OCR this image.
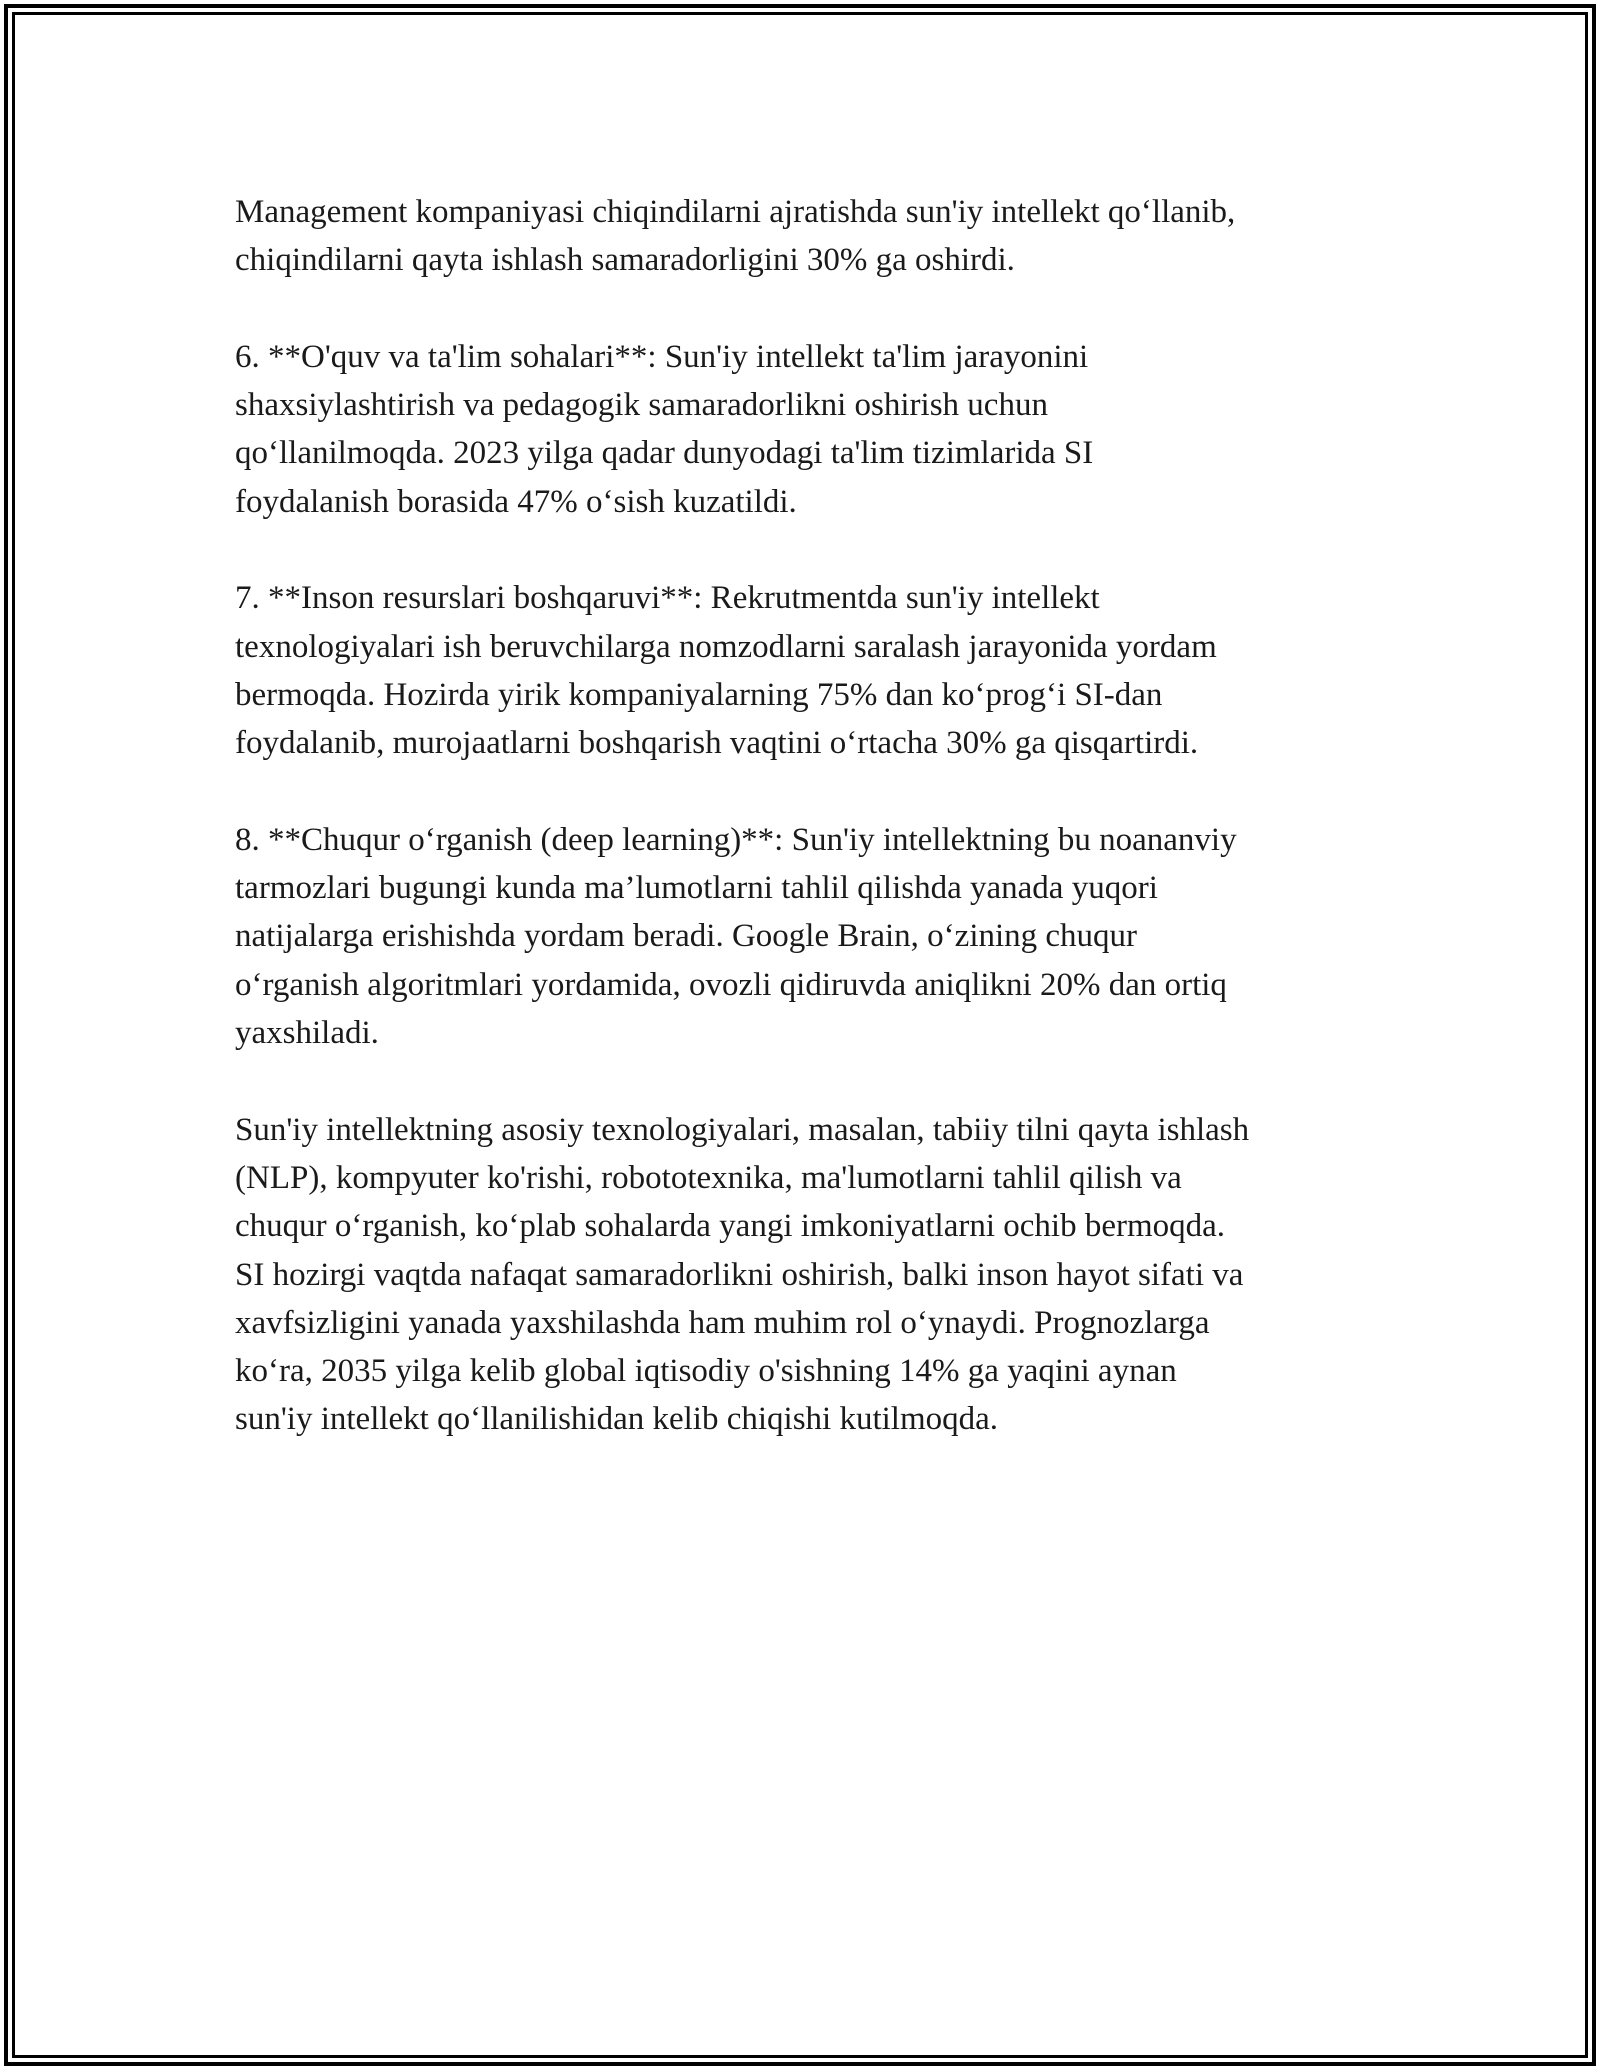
Management kompaniyasi chiqindilarni ajratishda sun'iy intellekt qo‘llanib,
chiqindilarni qayta ishlash samaradorligini 30% ga oshirdi.

6. **O'quv va ta'lim sohalari**: Sun'iy intellekt ta'lim jarayonini
shaxsiylashtirish va pedagogik samaradorlikni oshirish uchun
qo‘llanilmoqda. 2023 yilga qadar dunyodagi ta'lim tizimlarida SI
foydalanish borasida 47% o‘sish kuzatildi.

7. **Inson resurslari boshqaruvi**: Rekrutmentda sun'iy intellekt
texnologiyalari ish beruvchilarga nomzodlarni saralash jarayonida yordam
bermoqda. Hozirda yirik kompaniyalarning 75% dan ko‘prog‘i SI-dan
foydalanib, murojaatlarni boshqarish vaqtini o‘rtacha 30% ga qisqartirdi.

8. **Chuqur o‘rganish (deep learning)**: Sun'iy intellektning bu noananviy
tarmozlari bugungi kunda ma’lumotlarni tahlil qilishda yanada yuqori
natijalarga erishishda yordam beradi. Google Brain, o‘zining chuqur
o‘rganish algoritmlari yordamida, ovozli qidiruvda aniqlikni 20% dan ortiq
yaxshiladi.

Sun'iy intellektning asosiy texnologiyalari, masalan, tabiiy tilni qayta ishlash
(NLP), kompyuter ko'rishi, robototexnika, ma'lumotlarni tahlil qilish va
chuqur o‘rganish, ko‘plab sohalarda yangi imkoniyatlarni ochib bermoqda.
SI hozirgi vaqtda nafaqat samaradorlikni oshirish, balki inson hayot sifati va
xavfsizligini yanada yaxshilashda ham muhim rol o‘ynaydi. Prognozlarga
ko‘ra, 2035 yilga kelib global iqtisodiy o'sishning 14% ga yaqini aynan
sun'iy intellekt qo‘llanilishidan kelib chiqishi kutilmoqda.
